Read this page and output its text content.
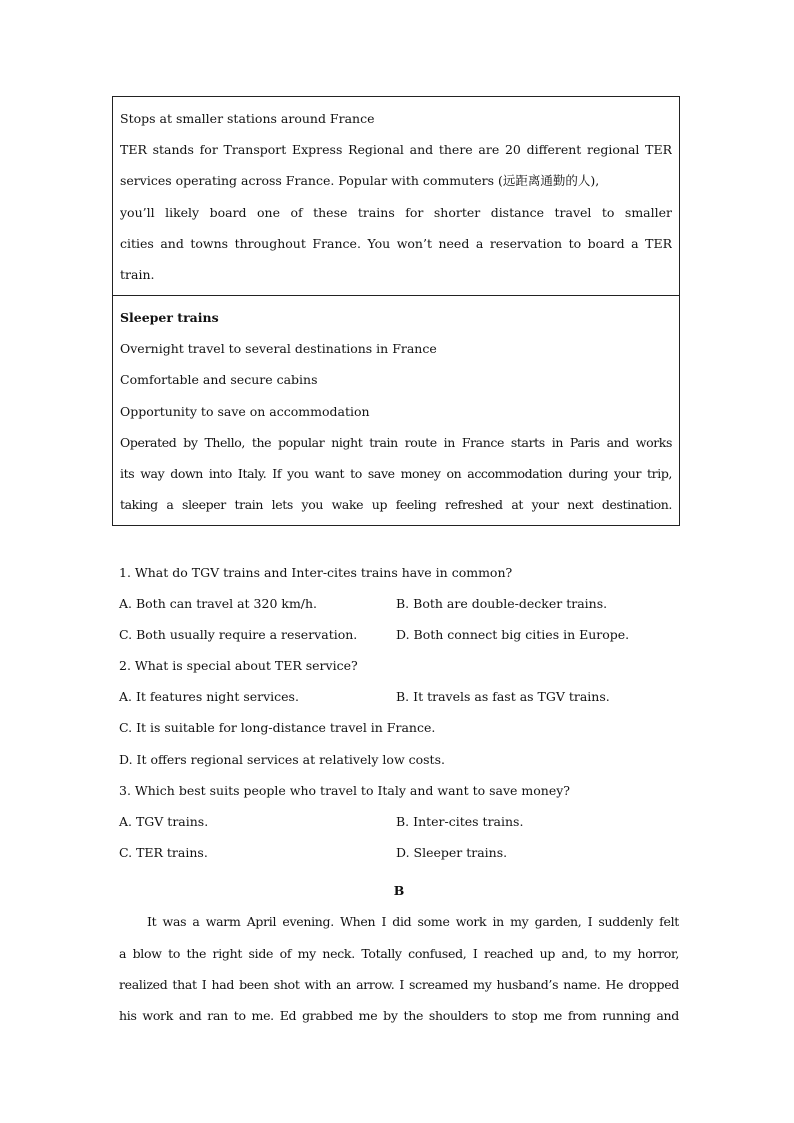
Stops at smaller stations around France
TER stands for Transport Express Regional and there are 20 different regional TER
services operating across France. Popular with commuters (远距离通勤的人),
you’ll likely board one of these trains for shorter distance travel to smaller
cities and towns throughout France. You won’t need a reservation to board a TER
train.
Sleeper trains
Overnight travel to several destinations in France
Comfortable and secure cabins
Opportunity to save on accommodation
Operated by Thello, the popular night train route in France starts in Paris and works
its way down into Italy. If you want to save money on accommodation during your trip,
taking a sleeper train lets you wake up feeling refreshed at your next destination.
1. What do TGV trains and Inter-cites trains have in common?
A. Both can travel at 320 km/h.	B. Both are double-decker trains.
C. Both usually require a reservation.	D. Both connect big cities in Europe.
2. What is special about TER service?
A. It features night services.	B. It travels as fast as TGV trains.
C. It is suitable for long-distance travel in France.
D. It offers regional services at relatively low costs.
3. Which best suits people who travel to Italy and want to save money?
A. TGV trains.	B. Inter-cites trains.
C. TER trains.	D. Sleeper trains.
B
It was a warm April evening. When I did some work in my garden, I suddenly felt
a blow to the right side of my neck. Totally confused, I reached up and, to my horror,
realized that I had been shot with an arrow. I screamed my husband’s name. He dropped
his work and ran to me. Ed grabbed me by the shoulders to stop me from running and
